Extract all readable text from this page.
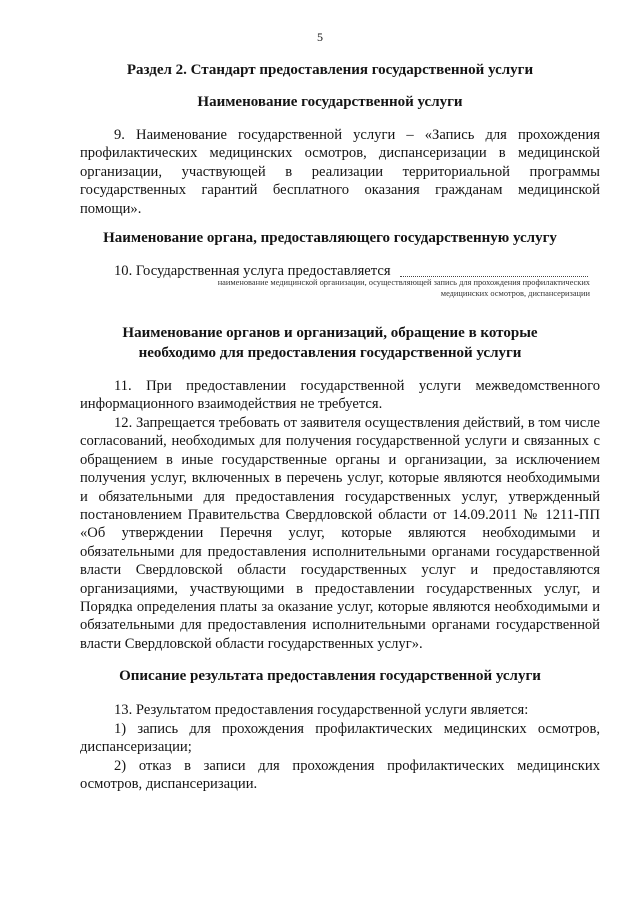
5
Раздел 2. Стандарт предоставления государственной услуги
Наименование государственной услуги

9. Наименование государственной услуги – «Запись для прохождения профилактических медицинских осмотров, диспансеризации в медицинской организации, участвующей в реализации территориальной программы государственных гарантий бесплатного оказания гражданам медицинской помощи».

Наименование органа, предоставляющего государственную услугу
10. Государственная услуга предоставляется
наименование медицинской организации, осуществляющей запись для прохождения профилактических медицинских осмотров, диспансеризации
Наименование органов и организаций, обращение в которые необходимо для предоставления государственной услуги

11. При предоставлении государственной услуги межведомственного информационного взаимодействия не требуется.

12. Запрещается требовать от заявителя осуществления действий, в том числе согласований, необходимых для получения государственной услуги и связанных с обращением в иные государственные органы и организации, за исключением получения услуг, включенных в перечень услуг, которые являются необходимыми и обязательными для предоставления государственных услуг, утвержденный постановлением Правительства Свердловской области от 14.09.2011 № 1211-ПП «Об утверждении Перечня услуг, которые являются необходимыми и обязательными для предоставления исполнительными органами государственной власти Свердловской области государственных услуг и предоставляются организациями, участвующими в предоставлении государственных услуг, и Порядка определения платы за оказание услуг, которые являются необходимыми и обязательными для предоставления исполнительными органами государственной власти Свердловской области государственных услуг».

Описание результата предоставления государственной услуги

13. Результатом предоставления государственной услуги является:

1) запись для прохождения профилактических медицинских осмотров, диспансеризации;

2) отказ в записи для прохождения профилактических медицинских осмотров, диспансеризации.
